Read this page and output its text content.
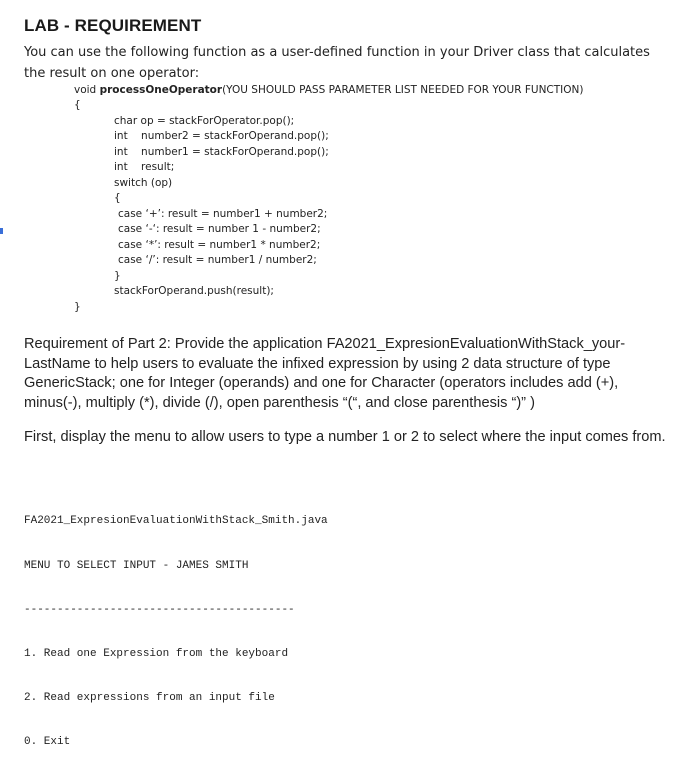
LAB - REQUIREMENT
You can use the following function as a user-defined function in your Driver class that calculates the result on one operator:
void processOneOperator(YOU SHOULD PASS PARAMETER LIST NEEDED FOR YOUR FUNCTION)
{
char op = stackForOperator.pop();
int    number2 = stackForOperand.pop();
int    number1 = stackForOperand.pop();
int    result;
switch (op)
{
case ‘+’: result = number1 + number2;
case ‘-‘: result = number 1 - number2;
case ‘*’: result = number1 * number2;
case ‘/’: result = number1 / number2;
}
stackForOperand.push(result);
}
Requirement of Part 2: Provide the application FA2021_ExpresionEvaluationWithStack_your-LastName to help users to evaluate the infixed expression by using 2 data structure of type GenericStack; one for Integer (operands) and one for Character (operators includes add (+), minus(-), multiply (*), divide (/), open parenthesis “(“, and close parenthesis “)” )
First, display the menu to allow users to type a number 1 or 2 to select where the input comes from.

FA2021_ExpresionEvaluationWithStack_Smith.java

MENU TO SELECT INPUT - JAMES SMITH

-----------------------------------------

1. Read one Expression from the keyboard

2. Read expressions from an input file

0. Exit
